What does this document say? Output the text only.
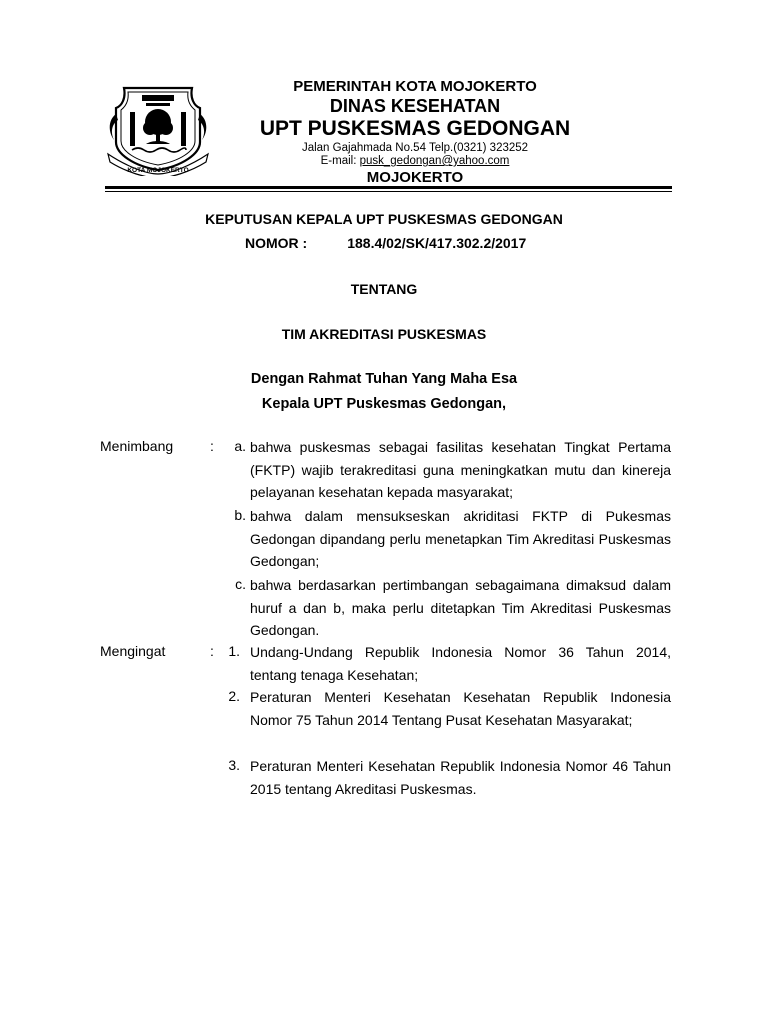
KOTA MOJOKERTO
PEMERINTAH KOTA MOJOKERTO
DINAS KESEHATAN
UPT PUSKESMAS GEDONGAN
Jalan Gajahmada No.54 Telp.(0321) 323252
E-mail: pusk_gedongan@yahoo.com
MOJOKERTO
KEPUTUSAN KEPALA UPT PUSKESMAS GEDONGAN
NOMOR :	188.4/02/SK/417.302.2/2017
TENTANG
TIM AKREDITASI PUSKESMAS
Dengan Rahmat Tuhan Yang Maha Esa
Kepala UPT Puskesmas Gedongan,
Menimbang	:	a. bahwa puskesmas sebagai fasilitas kesehatan Tingkat Pertama (FKTP) wajib terakreditasi guna meningkatkan mutu dan kinereja pelayanan kesehatan kepada masyarakat;
b. bahwa dalam mensukseskan akriditasi FKTP di Pukesmas Gedongan dipandang perlu menetapkan Tim Akreditasi Puskesmas Gedongan;
c. bahwa berdasarkan pertimbangan sebagaimana dimaksud dalam huruf a dan b, maka perlu ditetapkan Tim Akreditasi Puskesmas Gedongan.
Mengingat	:	1. Undang-Undang Republik Indonesia Nomor 36 Tahun 2014, tentang tenaga Kesehatan;
2. Peraturan Menteri Kesehatan Kesehatan Republik Indonesia Nomor 75 Tahun 2014 Tentang Pusat Kesehatan Masyarakat;
3. Peraturan Menteri Kesehatan Republik Indonesia Nomor 46 Tahun 2015 tentang Akreditasi Puskesmas.
